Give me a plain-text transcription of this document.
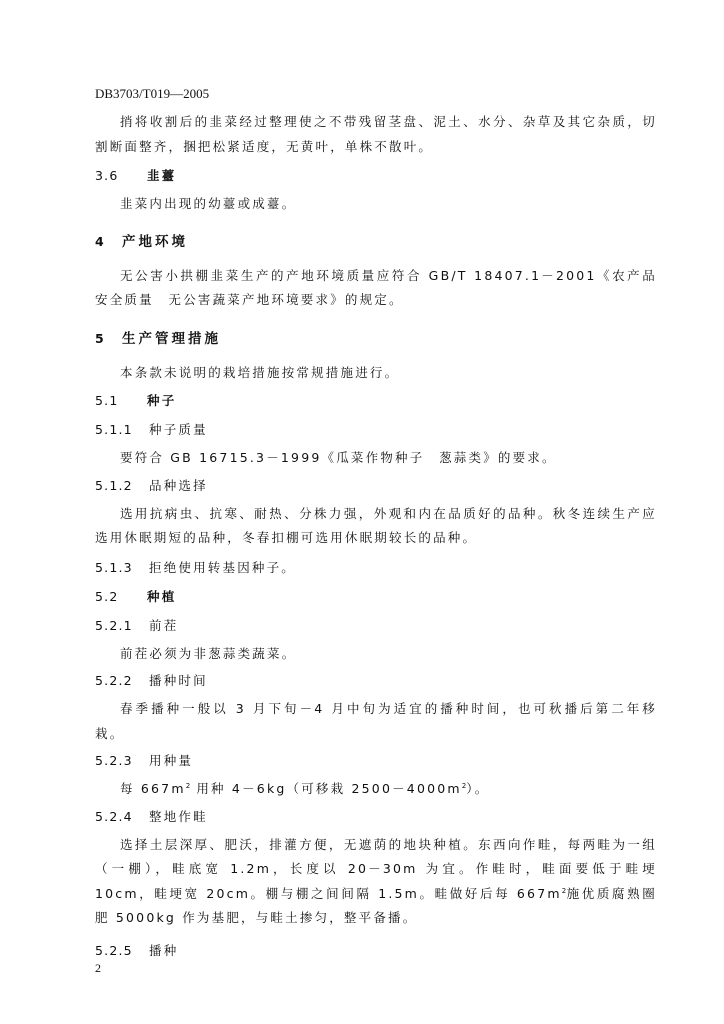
DB3703/T019—2005

捎将收割后的韭菜经过整理使之不带残留茎盘、泥土、水分、杂草及其它杂质，切割断面整齐，捆把松紧适度，无黄叶，单株不散叶。

3.6	韭薹

韭菜内出现的幼薹或成薹。

4	产地环境

无公害小拱棚韭菜生产的产地环境质量应符合 GB/T 18407.1－2001《农产品安全质量　无公害蔬菜产地环境要求》的规定。

5	生产管理措施

本条款未说明的栽培措施按常规措施进行。

5.1	种子
5.1.1	种子质量

要符合 GB 16715.3－1999《瓜菜作物种子　葱蒜类》的要求。

5.1.2	品种选择

选用抗病虫、抗寒、耐热、分株力强，外观和内在品质好的品种。秋冬连续生产应选用休眠期短的品种，冬春扣棚可选用休眠期较长的品种。

5.1.3	拒绝使用转基因种子。
5.2	种植
5.2.1	前茬

前茬必须为非葱蒜类蔬菜。

5.2.2	播种时间

春季播种一般以 3 月下旬－4 月中旬为适宜的播种时间，也可秋播后第二年移栽。

5.2.3	用种量

每 $667m^2$ 用种 4－6kg（可移栽 $2500-4000m^2$）。

5.2.4	整地作畦

选择土层深厚、肥沃，排灌方便，无遮荫的地块种植。东西向作畦，每两畦为一组（一棚），畦底宽 1.2m，长度以 20－30m 为宜。作畦时，畦面要低于畦埂 10cm，畦埂宽 20cm。棚与棚之间间隔 1.5m。畦做好后每 $667m^2$施优质腐熟圈肥 5000kg 作为基肥，与畦土掺匀，整平备播。

5.2.5	播种
2
